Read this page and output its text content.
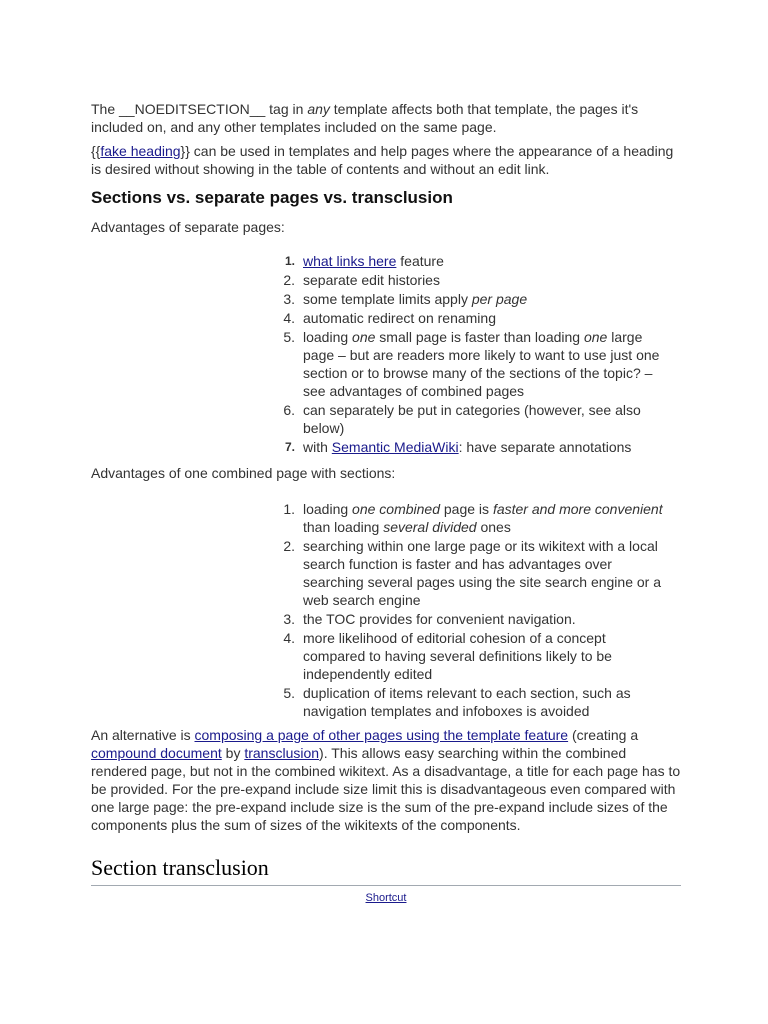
The __NOEDITSECTION__ tag in any template affects both that template, the pages it's included on, and any other templates included on the same page.

{{fake heading}} can be used in templates and help pages where the appearance of a heading is desired without showing in the table of contents and without an edit link.

Sections vs. separate pages vs. transclusion

Advantages of separate pages:

1. what links here feature
2. separate edit histories
3. some template limits apply per page
4. automatic redirect on renaming
5. loading one small page is faster than loading one large page – but are readers more likely to want to use just one section or to browse many of the sections of the topic? – see advantages of combined pages
6. can separately be put in categories (however, see also below)
7. with Semantic MediaWiki: have separate annotations

Advantages of one combined page with sections:

1. loading one combined page is faster and more convenient than loading several divided ones
2. searching within one large page or its wikitext with a local search function is faster and has advantages over searching several pages using the site search engine or a web search engine
3. the TOC provides for convenient navigation.
4. more likelihood of editorial cohesion of a concept compared to having several definitions likely to be independently edited
5. duplication of items relevant to each section, such as navigation templates and infoboxes is avoided

An alternative is composing a page of other pages using the template feature (creating a compound document by transclusion). This allows easy searching within the combined rendered page, but not in the combined wikitext. As a disadvantage, a title for each page has to be provided. For the pre-expand include size limit this is disadvantageous even compared with one large page: the pre-expand include size is the sum of the pre-expand include sizes of the components plus the sum of sizes of the wikitexts of the components.

Section transclusion
Shortcut
